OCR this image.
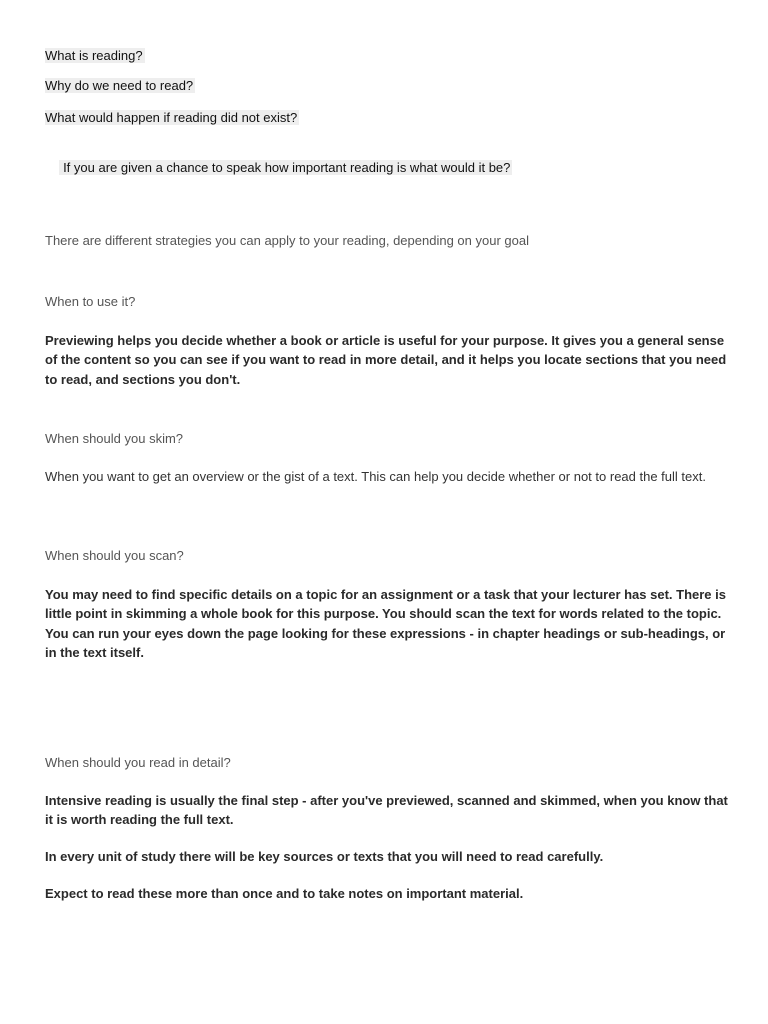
What is reading?

Why do we need to read?

What would happen if reading did not exist?

If you are given a chance to speak how important reading is what would it be?

There are different strategies you can apply to your reading, depending on your goal

When to use it?

Previewing helps you decide whether a book or article is useful for your purpose. It gives you a general sense of the content so you can see if you want to read in more detail, and it helps you locate sections that you need to read, and sections you don't.

When should you skim?

When you want to get an overview or the gist of a text. This can help you decide whether or not to read the full text.

When should you scan?

You may need to find specific details on a topic for an assignment or a task that your lecturer has set. There is little point in skimming a whole book for this purpose. You should scan the text for words related to the topic. You can run your eyes down the page looking for these expressions - in chapter headings or sub-headings, or in the text itself.

When should you read in detail?

Intensive reading is usually the final step - after you've previewed, scanned and skimmed, when you know that it is worth reading the full text.

In every unit of study there will be key sources or texts that you will need to read carefully.

Expect to read these more than once and to take notes on important material.
